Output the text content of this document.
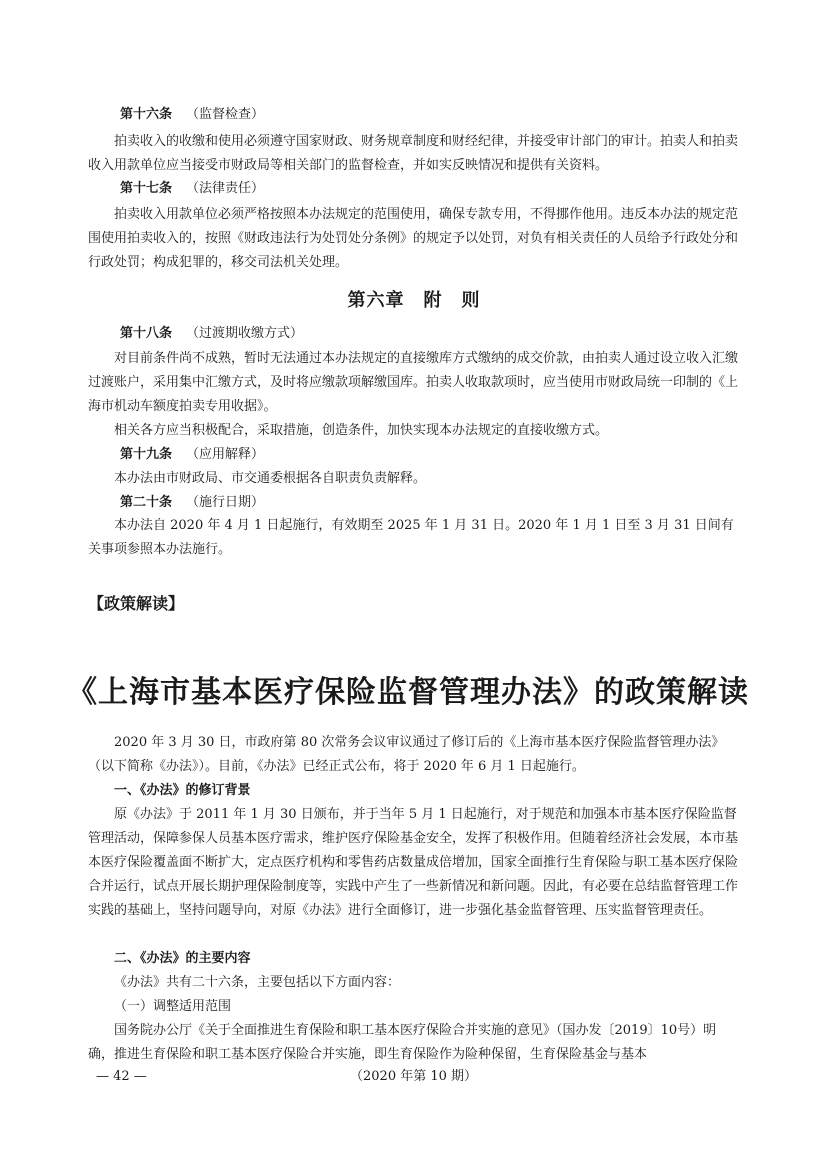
第十六条 （监督检查）

拍卖收入的收缴和使用必须遵守国家财政、财务规章制度和财经纪律，并接受审计部门的审计。拍卖人和拍卖收入用款单位应当接受市财政局等相关部门的监督检查，并如实反映情况和提供有关资料。

第十七条 （法律责任）

拍卖收入用款单位必须严格按照本办法规定的范围使用，确保专款专用，不得挪作他用。违反本办法的规定范围使用拍卖收入的，按照《财政违法行为处罚处分条例》的规定予以处罚，对负有相关责任的人员给予行政处分和行政处罚；构成犯罪的，移交司法机关处理。

第六章　附　则
第十八条 （过渡期收缴方式）

对目前条件尚不成熟，暂时无法通过本办法规定的直接缴库方式缴纳的成交价款，由拍卖人通过设立收入汇缴过渡账户，采用集中汇缴方式，及时将应缴款项解缴国库。拍卖人收取款项时，应当使用市财政局统一印制的《上海市机动车额度拍卖专用收据》。

相关各方应当积极配合，采取措施，创造条件，加快实现本办法规定的直接收缴方式。

第十九条 （应用解释）

本办法由市财政局、市交通委根据各自职责负责解释。

第二十条 （施行日期）

本办法自 2020 年 4 月 1 日起施行，有效期至 2025 年 1 月 31 日。2020 年 1 月 1 日至 3 月 31 日间有关事项参照本办法施行。

【政策解读】
《上海市基本医疗保险监督管理办法》的政策解读

2020 年 3 月 30 日，市政府第 80 次常务会议审议通过了修订后的《上海市基本医疗保险监督管理办法》（以下简称《办法》）。目前，《办法》已经正式公布，将于 2020 年 6 月 1 日起施行。

一、《办法》的修订背景

原《办法》于 2011 年 1 月 30 日颁布，并于当年 5 月 1 日起施行，对于规范和加强本市基本医疗保险监督管理活动，保障参保人员基本医疗需求，维护医疗保险基金安全，发挥了积极作用。但随着经济社会发展，本市基本医疗保险覆盖面不断扩大，定点医疗机构和零售药店数量成倍增加，国家全面推行生育保险与职工基本医疗保险合并运行，试点开展长期护理保险制度等，实践中产生了一些新情况和新问题。因此，有必要在总结监督管理工作实践的基础上，坚持问题导向，对原《办法》进行全面修订，进一步强化基金监督管理、压实监督管理责任。

二、《办法》的主要内容

《办法》共有二十六条，主要包括以下方面内容：

（一）调整适用范围

国务院办公厅《关于全面推进生育保险和职工基本医疗保险合并实施的意见》（国办发〔2019〕10号）明确，推进生育保险和职工基本医疗保险合并实施，即生育保险作为险种保留，生育保险基金与基本

— 42 —	（2020 年第 10 期）
